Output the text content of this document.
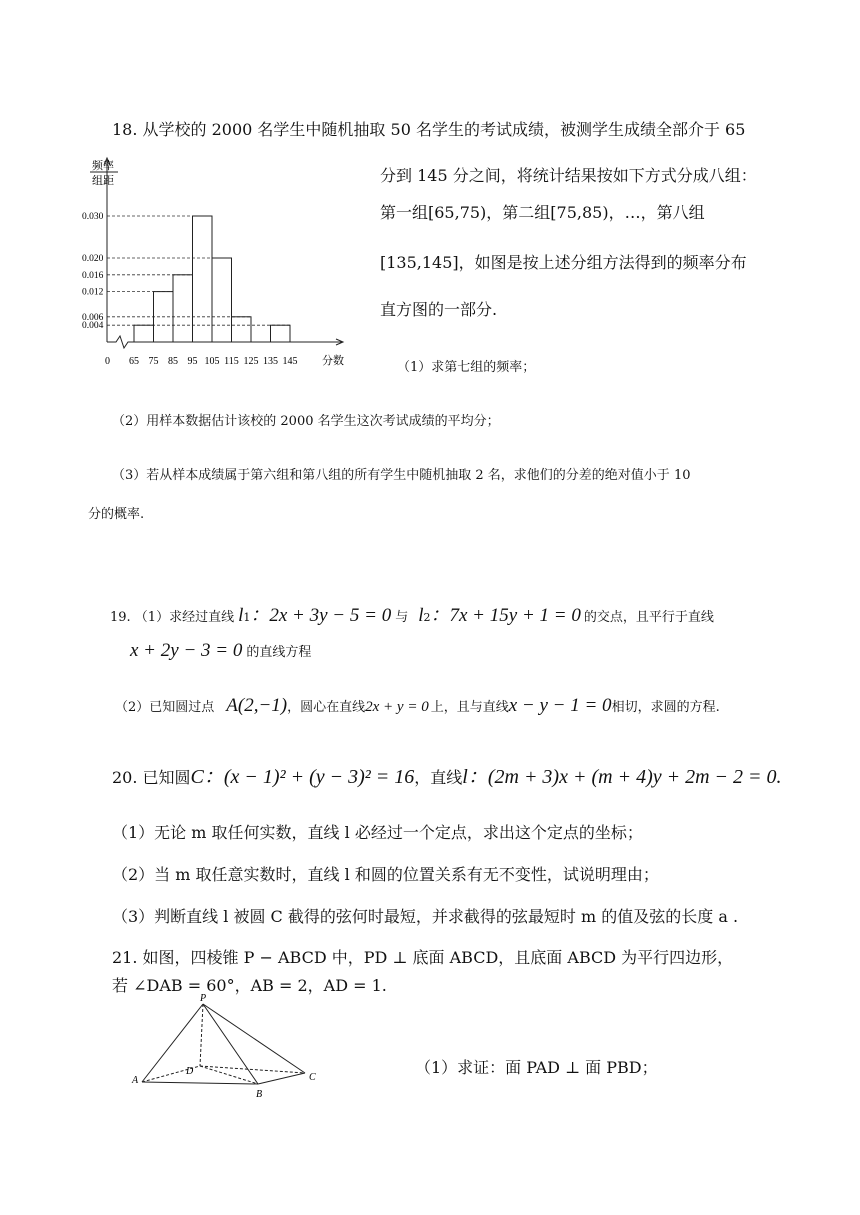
18. 从学校的 2000 名学生中随机抽取 50 名学生的考试成绩，被测学生成绩全部介于 65
0.004
0.006
0.012
0.016
0.020
0.030
65 75 85 95 105 115 125 135 145
频率
组距
0	分数
分到 145 分之间，将统计结果按如下方式分成八组：
第一组[65,75)，第二组[75,85)，…，第八组
[135,145]，如图是按上述分组方法得到的频率分布
直方图的一部分.
（1）求第七组的频率；
（2）用样本数据估计该校的 2000 名学生这次考试成绩的平均分；
（3）若从样本成绩属于第六组和第八组的所有学生中随机抽取 2 名，求他们的分差的绝对值小于 10
分的概率.
19. （1）求经过直线 l 1 ：2x + 3y − 5 = 0 与 l 2 ：7x + 15y + 1 = 0 的交点，且平行于直线
x + 2y − 3 = 0 的直线方程
（2）已知圆过点 A(2,−1) ，圆心在直线 2x + y = 0 上，且与直线 x − y − 1 = 0 相切，求圆的方程.
20. 已知圆 C：(x − 1)² + (y − 3)² = 16 ，直线 l：(2m + 3)x + (m + 4)y + 2m − 2 = 0.
（1）无论 m 取任何实数，直线 l 必经过一个定点，求出这个定点的坐标；
（2）当 m 取任意实数时，直线 l 和圆的位置关系有无不变性，试说明理由；
（3）判断直线 l 被圆 C 截得的弦何时最短，并求截得的弦最短时 m 的值及弦的长度 a .
21. 如图，四棱锥 P − ABCD 中，PD ⊥ 底面 ABCD，且底面 ABCD 为平行四边形，
若 ∠DAB = 60°，AB = 2，AD = 1.
P
A
B
C
D	（1）求证：面 PAD ⊥ 面 PBD；
